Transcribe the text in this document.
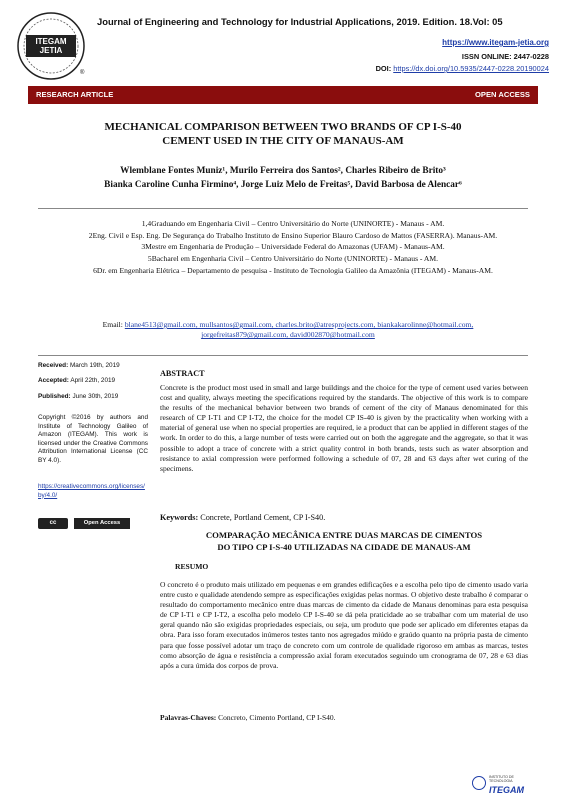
ITEGAM
JETIA
®
Journal of Engineering and Technology for Industrial Applications, 2019. Edition. 18.Vol: 05
https://www.itegam-jetia.org
ISSN ONLINE: 2447-0228
DOI: https://dx.doi.org/10.5935/2447-0228.20190024
RESEARCH ARTICLE	OPEN ACCESS
MECHANICAL COMPARISON BETWEEN TWO BRANDS OF CP I-S-40
CEMENT USED IN THE CITY OF MANAUS-AM
Wlemblane Fontes Muniz¹, Murilo Ferreira dos Santos², Charles Ribeiro de Brito³
Bianka Caroline Cunha Firmino⁴, Jorge Luiz Melo de Freitas⁵, David Barbosa de Alencar⁶

1,4Graduando em Engenharia Civil – Centro Universitário do Norte (UNINORTE) - Manaus - AM.

2Eng. Civil e Esp. Eng. De Segurança do Trabalho Instituto de Ensino Superior Blauro Cardoso de Mattos (FASERRA). Manaus-AM.

3Mestre em Engenharia de Produção – Universidade Federal do Amazonas (UFAM) - Manaus-AM.

5Bacharel em Engenharia Civil – Centro Universitário do Norte (UNINORTE) - Manaus - AM.

6Dr. em Engenharia Elétrica – Departamento de pesquisa - Instituto de Tecnologia Galileo da Amazônia (ITEGAM) - Manaus-AM.

Email: blane4513@gmail.com, mullsantos@gmail.com, charles.brito@atresprojects.com, biankakarolinne@hotmail.com, jorgefreitas879@gmail.com, david002870@hotmail.com
Received: March 19th, 2019
Accepted: April 22th, 2019
Published: June 30th, 2019
Copyright ©2016 by authors and Institute of Technology Galileo of Amazon (ITEGAM). This work is licensed under the Creative Commons Attribution International License (CC BY 4.0).
https://creativecommons.org/licenses/by/4.0/
cc	Open Access
ABSTRACT
Concrete is the product most used in small and large buildings and the choice for the type of cement used varies between cost and quality, always meeting the specifications required by the standards. The objective of this work is to compare the results of the mechanical behavior between two brands of cement of the city of Manaus denominated for this research of CP I-T1 and CP I-T2, the choice for the model CP IS-40 is given by the practicality when working with a material of general use when no special properties are required, ie a product that can be applied in different stages of the work. In order to do this, a large number of tests were carried out on both the aggregate and the aggregate, so that it was possible to adopt a trace of concrete with a strict quality control in both brands, tests such as water absorption and resistance to axial compression were performed following a schedule of 07, 28 and 63 days after wet curing of the specimens.
Keywords: Concrete, Portland Cement, CP I-S40.
COMPARAÇÃO MECÂNICA ENTRE DUAS MARCAS DE CIMENTOS
DO TIPO CP I-S-40 UTILIZADAS NA CIDADE DE MANAUS-AM
RESUMO
O concreto é o produto mais utilizado em pequenas e em grandes edificações e a escolha pelo tipo de cimento usado varia entre custo e qualidade atendendo sempre as especificações exigidas pelas normas. O objetivo deste trabalho é comparar o resultado do comportamento mecânico entre duas marcas de cimento da cidade de Manaus denominas para esta pesquisa de CP I-T1 e CP I-T2, a escolha pelo modelo CP I-S-40 se dá pela praticidade ao se trabalhar com um material de uso geral quando não são exigidas propriedades especiais, ou seja, um produto que pode ser aplicado em diferentes etapas da obra. Para isso foram executados inúmeros testes tanto nos agregados miúdo e graúdo quanto na própria pasta de cimento para que fosse possível adotar um traço de concreto com um controle de qualidade rigoroso em ambas as marcas, testes como absorção de água e resistência a compressão axial foram executados seguindo um cronograma de 07, 28 e 63 dias após a cura úmida dos corpos de prova.
Palavras-Chaves: Concreto, Cimento Portland, CP I-S40.
INSTITUTO DE TECNOLOGIA
ITEGAM
